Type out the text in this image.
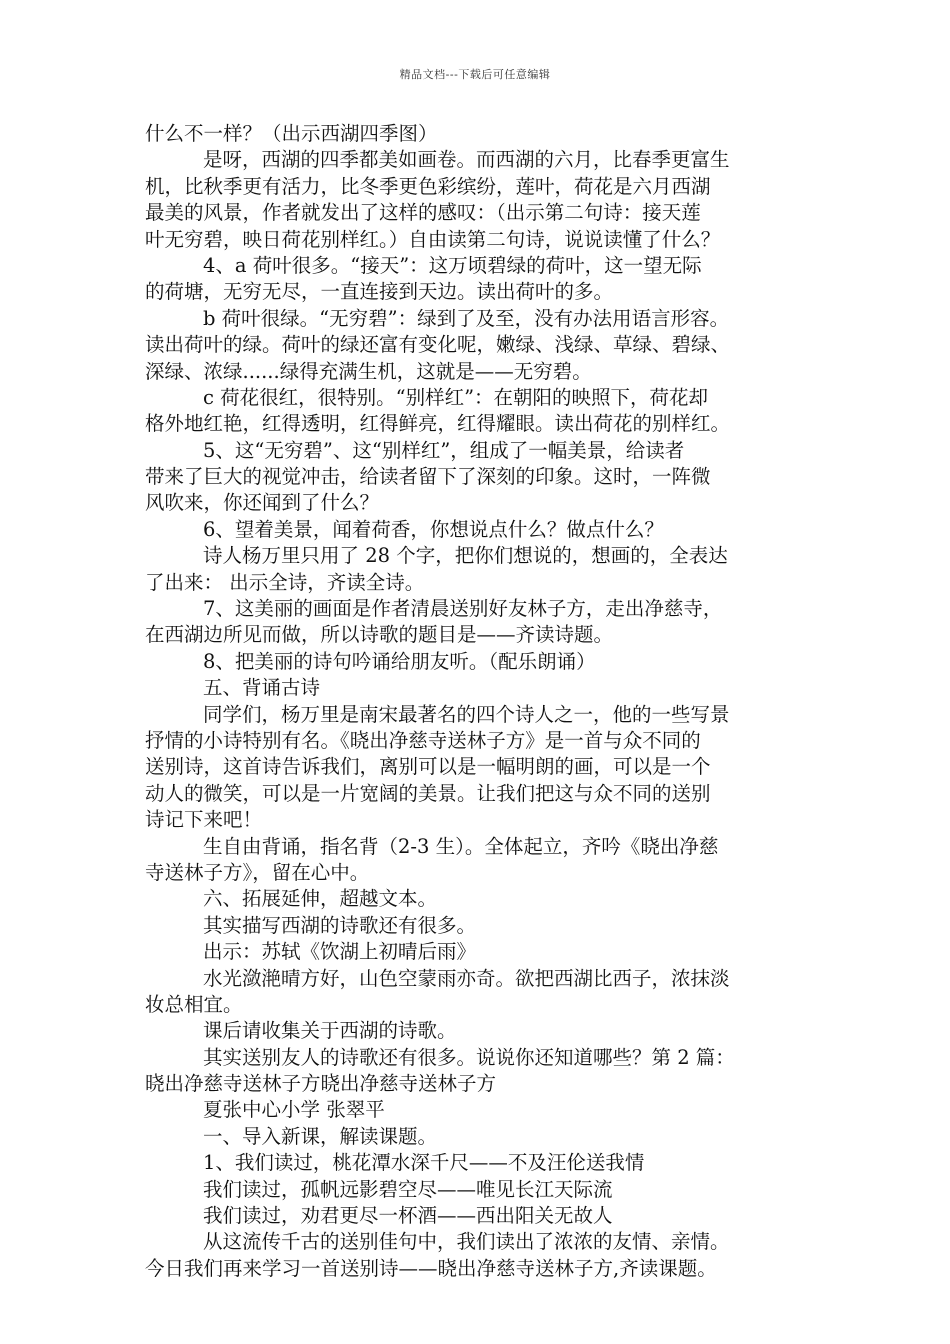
精品文档---下载后可任意编辑
什么不一样？（出示西湖四季图）
是呀，西湖的四季都美如画卷。而西湖的六月，比春季更富生
机，比秋季更有活力，比冬季更色彩缤纷，莲叶，荷花是六月西湖
最美的风景，作者就发出了这样的感叹：（出示第二句诗：接天莲
叶无穷碧，映日荷花别样红。）自由读第二句诗，说说读懂了什么？
4、a 荷叶很多。“接天”：这万顷碧绿的荷叶，这一望无际
的荷塘，无穷无尽，一直连接到天边。读出荷叶的多。
b 荷叶很绿。“无穷碧”：绿到了及至，没有办法用语言形容。
读出荷叶的绿。荷叶的绿还富有变化呢，嫩绿、浅绿、草绿、碧绿、
深绿、浓绿......绿得充满生机，这就是——无穷碧。
c 荷花很红，很特别。“别样红”：在朝阳的映照下，荷花却
格外地红艳，红得透明，红得鲜亮，红得耀眼。读出荷花的别样红。
5、这“无穷碧”、这“别样红”，组成了一幅美景，给读者
带来了巨大的视觉冲击，给读者留下了深刻的印象。这时，一阵微
风吹来，你还闻到了什么？
6、望着美景，闻着荷香，你想说点什么？做点什么？
诗人杨万里只用了 28 个字，把你们想说的，想画的，全表达
了出来： 出示全诗，齐读全诗。
7、这美丽的画面是作者清晨送别好友林子方，走出净慈寺，
在西湖边所见而做，所以诗歌的题目是——齐读诗题。
8、把美丽的诗句吟诵给朋友听。（配乐朗诵）
五、背诵古诗
同学们，杨万里是南宋最著名的四个诗人之一，他的一些写景
抒情的小诗特别有名。《晓出净慈寺送林子方》是一首与众不同的
送别诗，这首诗告诉我们，离别可以是一幅明朗的画，可以是一个
动人的微笑，可以是一片宽阔的美景。让我们把这与众不同的送别
诗记下来吧！
生自由背诵，指名背（2-3 生）。全体起立，齐吟《晓出净慈
寺送林子方》，留在心中。
六、拓展延伸，超越文本。
其实描写西湖的诗歌还有很多。
出示：苏轼《饮湖上初晴后雨》
水光潋滟晴方好，山色空蒙雨亦奇。欲把西湖比西子，浓抹淡
妆总相宜。
课后请收集关于西湖的诗歌。
其实送别友人的诗歌还有很多。说说你还知道哪些？第 2 篇：
晓出净慈寺送林子方晓出净慈寺送林子方
夏张中心小学 张翠平
一、导入新课，解读课题。
1、我们读过，桃花潭水深千尺——不及汪伦送我情
我们读过，孤帆远影碧空尽——唯见长江天际流
我们读过，劝君更尽一杯酒——西出阳关无故人
从这流传千古的送别佳句中，我们读出了浓浓的友情、亲情。
今日我们再来学习一首送别诗——晓出净慈寺送林子方,齐读课题。
